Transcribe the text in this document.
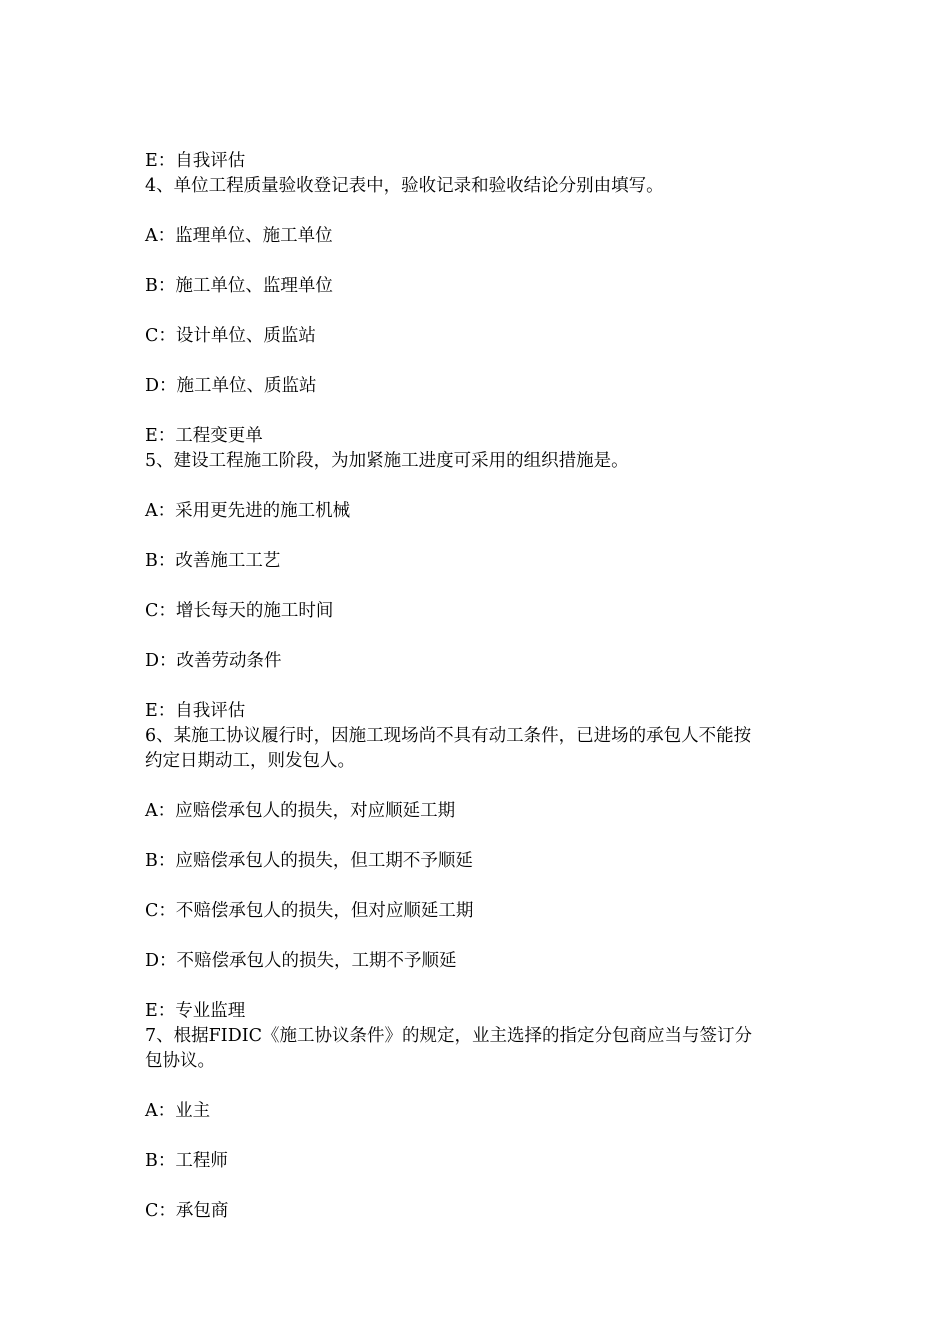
E：自我评估
4、单位工程质量验收登记表中，验收记录和验收结论分别由填写。
A：监理单位、施工单位
B：施工单位、监理单位
C：设计单位、质监站
D：施工单位、质监站
E：工程变更单
5、建设工程施工阶段，为加紧施工进度可采用的组织措施是。
A：采用更先进的施工机械
B：改善施工工艺
C：增长每天的施工时间
D：改善劳动条件
E：自我评估
6、某施工协议履行时，因施工现场尚不具有动工条件，已进场的承包人不能按
约定日期动工，则发包人。
A：应赔偿承包人的损失，对应顺延工期
B：应赔偿承包人的损失，但工期不予顺延
C：不赔偿承包人的损失，但对应顺延工期
D：不赔偿承包人的损失，工期不予顺延
E：专业监理
7、根据FIDIC《施工协议条件》的规定，业主选择的指定分包商应当与签订分
包协议。
A：业主
B：工程师
C：承包商
